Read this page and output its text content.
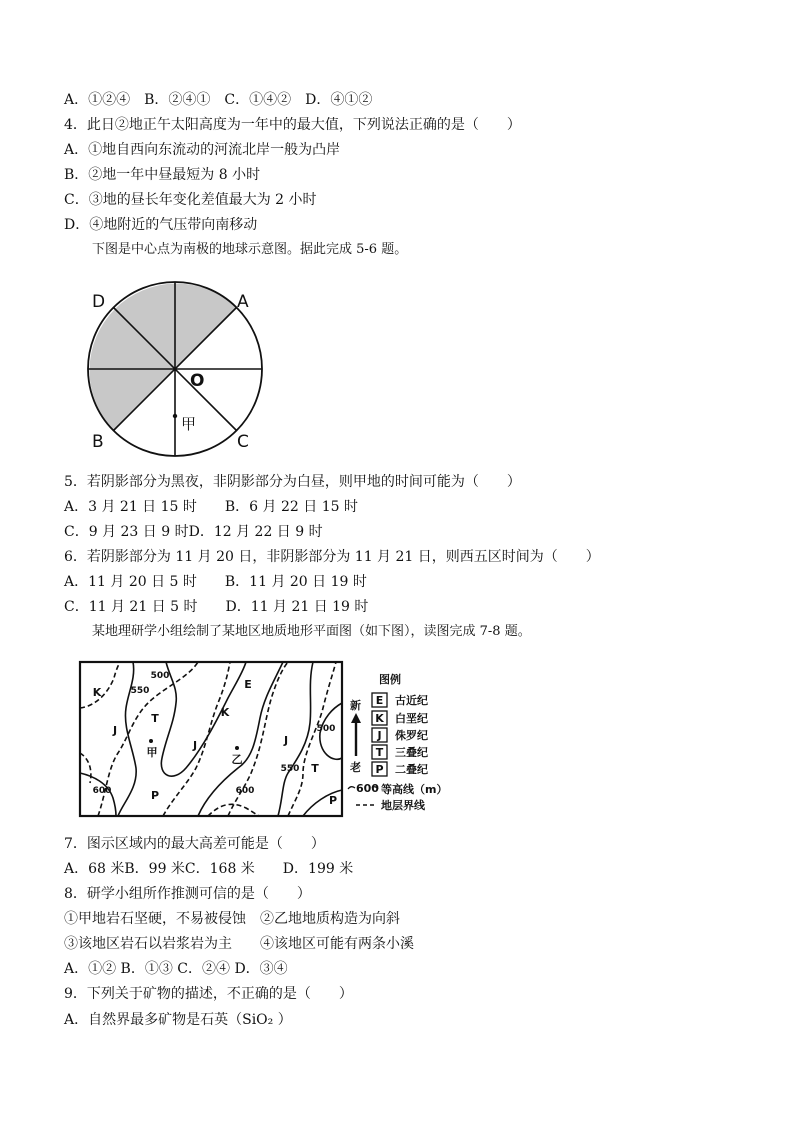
A．①②④　B．②④①　C．①④②　D．④①②
4．此日②地正午太阳高度为一年中的最大值，下列说法正确的是（　　）
A．①地自西向东流动的河流北岸一般为凸岸
B．②地一年中昼最短为 8 小时
C．③地的昼长年变化差值最大为 2 小时
D．④地附近的气压带向南移动
下图是中心点为南极的地球示意图。据此完成 5-6 题。
D	A
B	C
O
甲
5．若阴影部分为黑夜，非阴影部分为白昼，则甲地的时间可能为（　　）
A．3 月 21 日 15 时　　B．6 月 22 日 15 时
C．9 月 23 日 9 时D．12 月 22 日 9 时
6．若阴影部分为 11 月 20 日，非阴影部分为 11 月 21 日，则西五区时间为（　　）
A．11 月 20 日 5 时　　B．11 月 20 日 19 时
C．11 月 21 日 5 时　　D．11 月 21 日 19 时
某地理研学小组绘制了某地区地质地形平面图（如下图），读图完成 7-8 题。
K
500
550	E
T	K
J
甲
J
乙
J
500
550 T
600	P	600
P
图例
新
老
E 古近纪
K 白垩纪
J 侏罗纪
T 三叠纪
P 二叠纪
600 等高线（m）
地层界线
7．图示区域内的最大高差可能是（　　）
A．68 米B．99 米C．168 米　　D．199 米
8．研学小组所作推测可信的是（　　）
①甲地岩石坚硬，不易被侵蚀　②乙地地质构造为向斜
③该地区岩石以岩浆岩为主　　④该地区可能有两条小溪
A．①② B．①③ C．②④ D．③④
9．下列关于矿物的描述，不正确的是（　　）
A．自然界最多矿物是石英（SiO₂ ）
